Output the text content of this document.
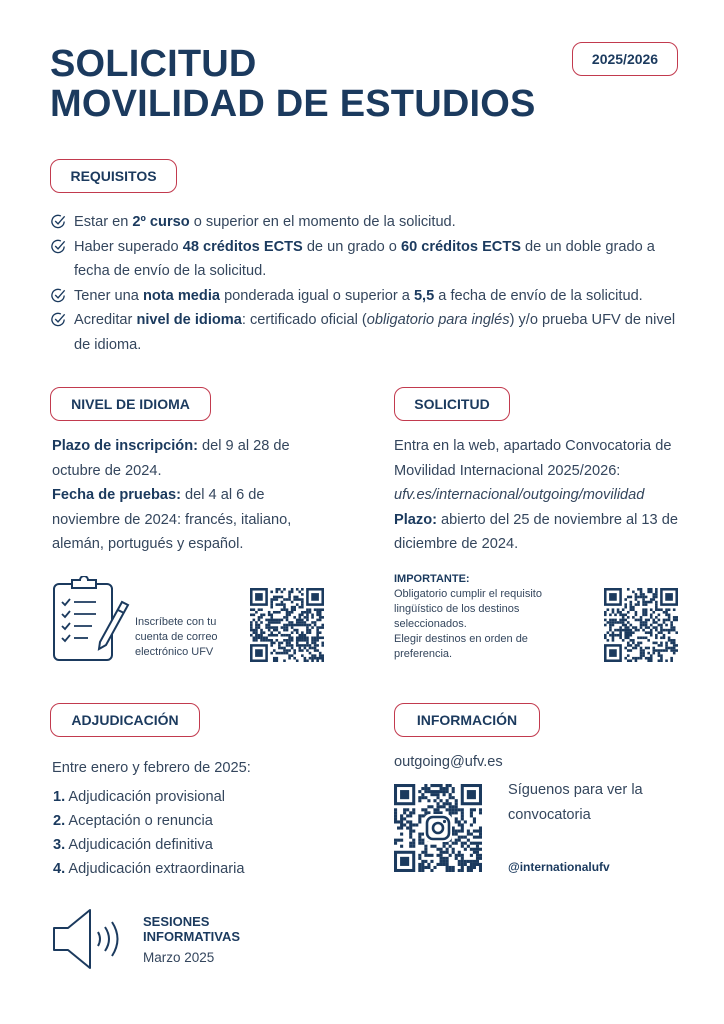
SOLICITUD
MOVILIDAD DE ESTUDIOS
2025/2026
REQUISITOS
Estar en 2º curso o superior en el momento de la solicitud.
Haber superado 48 créditos ECTS de un grado o 60 créditos ECTS de un doble grado a fecha de envío de la solicitud.
Tener una nota media ponderada igual o superior a 5,5 a fecha de envío de la solicitud.
Acreditar nivel de idioma: certificado oficial (obligatorio para inglés) y/o prueba UFV de nivel de idioma.
NIVEL DE IDIOMA
Plazo de inscripción: del 9 al 28 de octubre de 2024.
Fecha de pruebas: del 4 al 6 de noviembre de 2024: francés, italiano, alemán, portugués y español.
Inscríbete con tu cuenta de correo electrónico UFV
SOLICITUD
Entra en la web, apartado Convocatoria de Movilidad Internacional 2025/2026:
ufv.es/internacional/outgoing/movilidad
Plazo: abierto del 25 de noviembre al 13 de diciembre de 2024.
IMPORTANTE:
Obligatorio cumplir el requisito lingüístico de los destinos seleccionados.
Elegir destinos en orden de preferencia.
ADJUDICACIÓN
Entre enero y febrero de 2025:
1. Adjudicación provisional
2. Aceptación o renuncia
3. Adjudicación definitiva
4. Adjudicación extraordinaria
INFORMACIÓN
outgoing@ufv.es
Síguenos para ver la convocatoria
@internationalufv
SESIONES INFORMATIVAS
Marzo 2025
